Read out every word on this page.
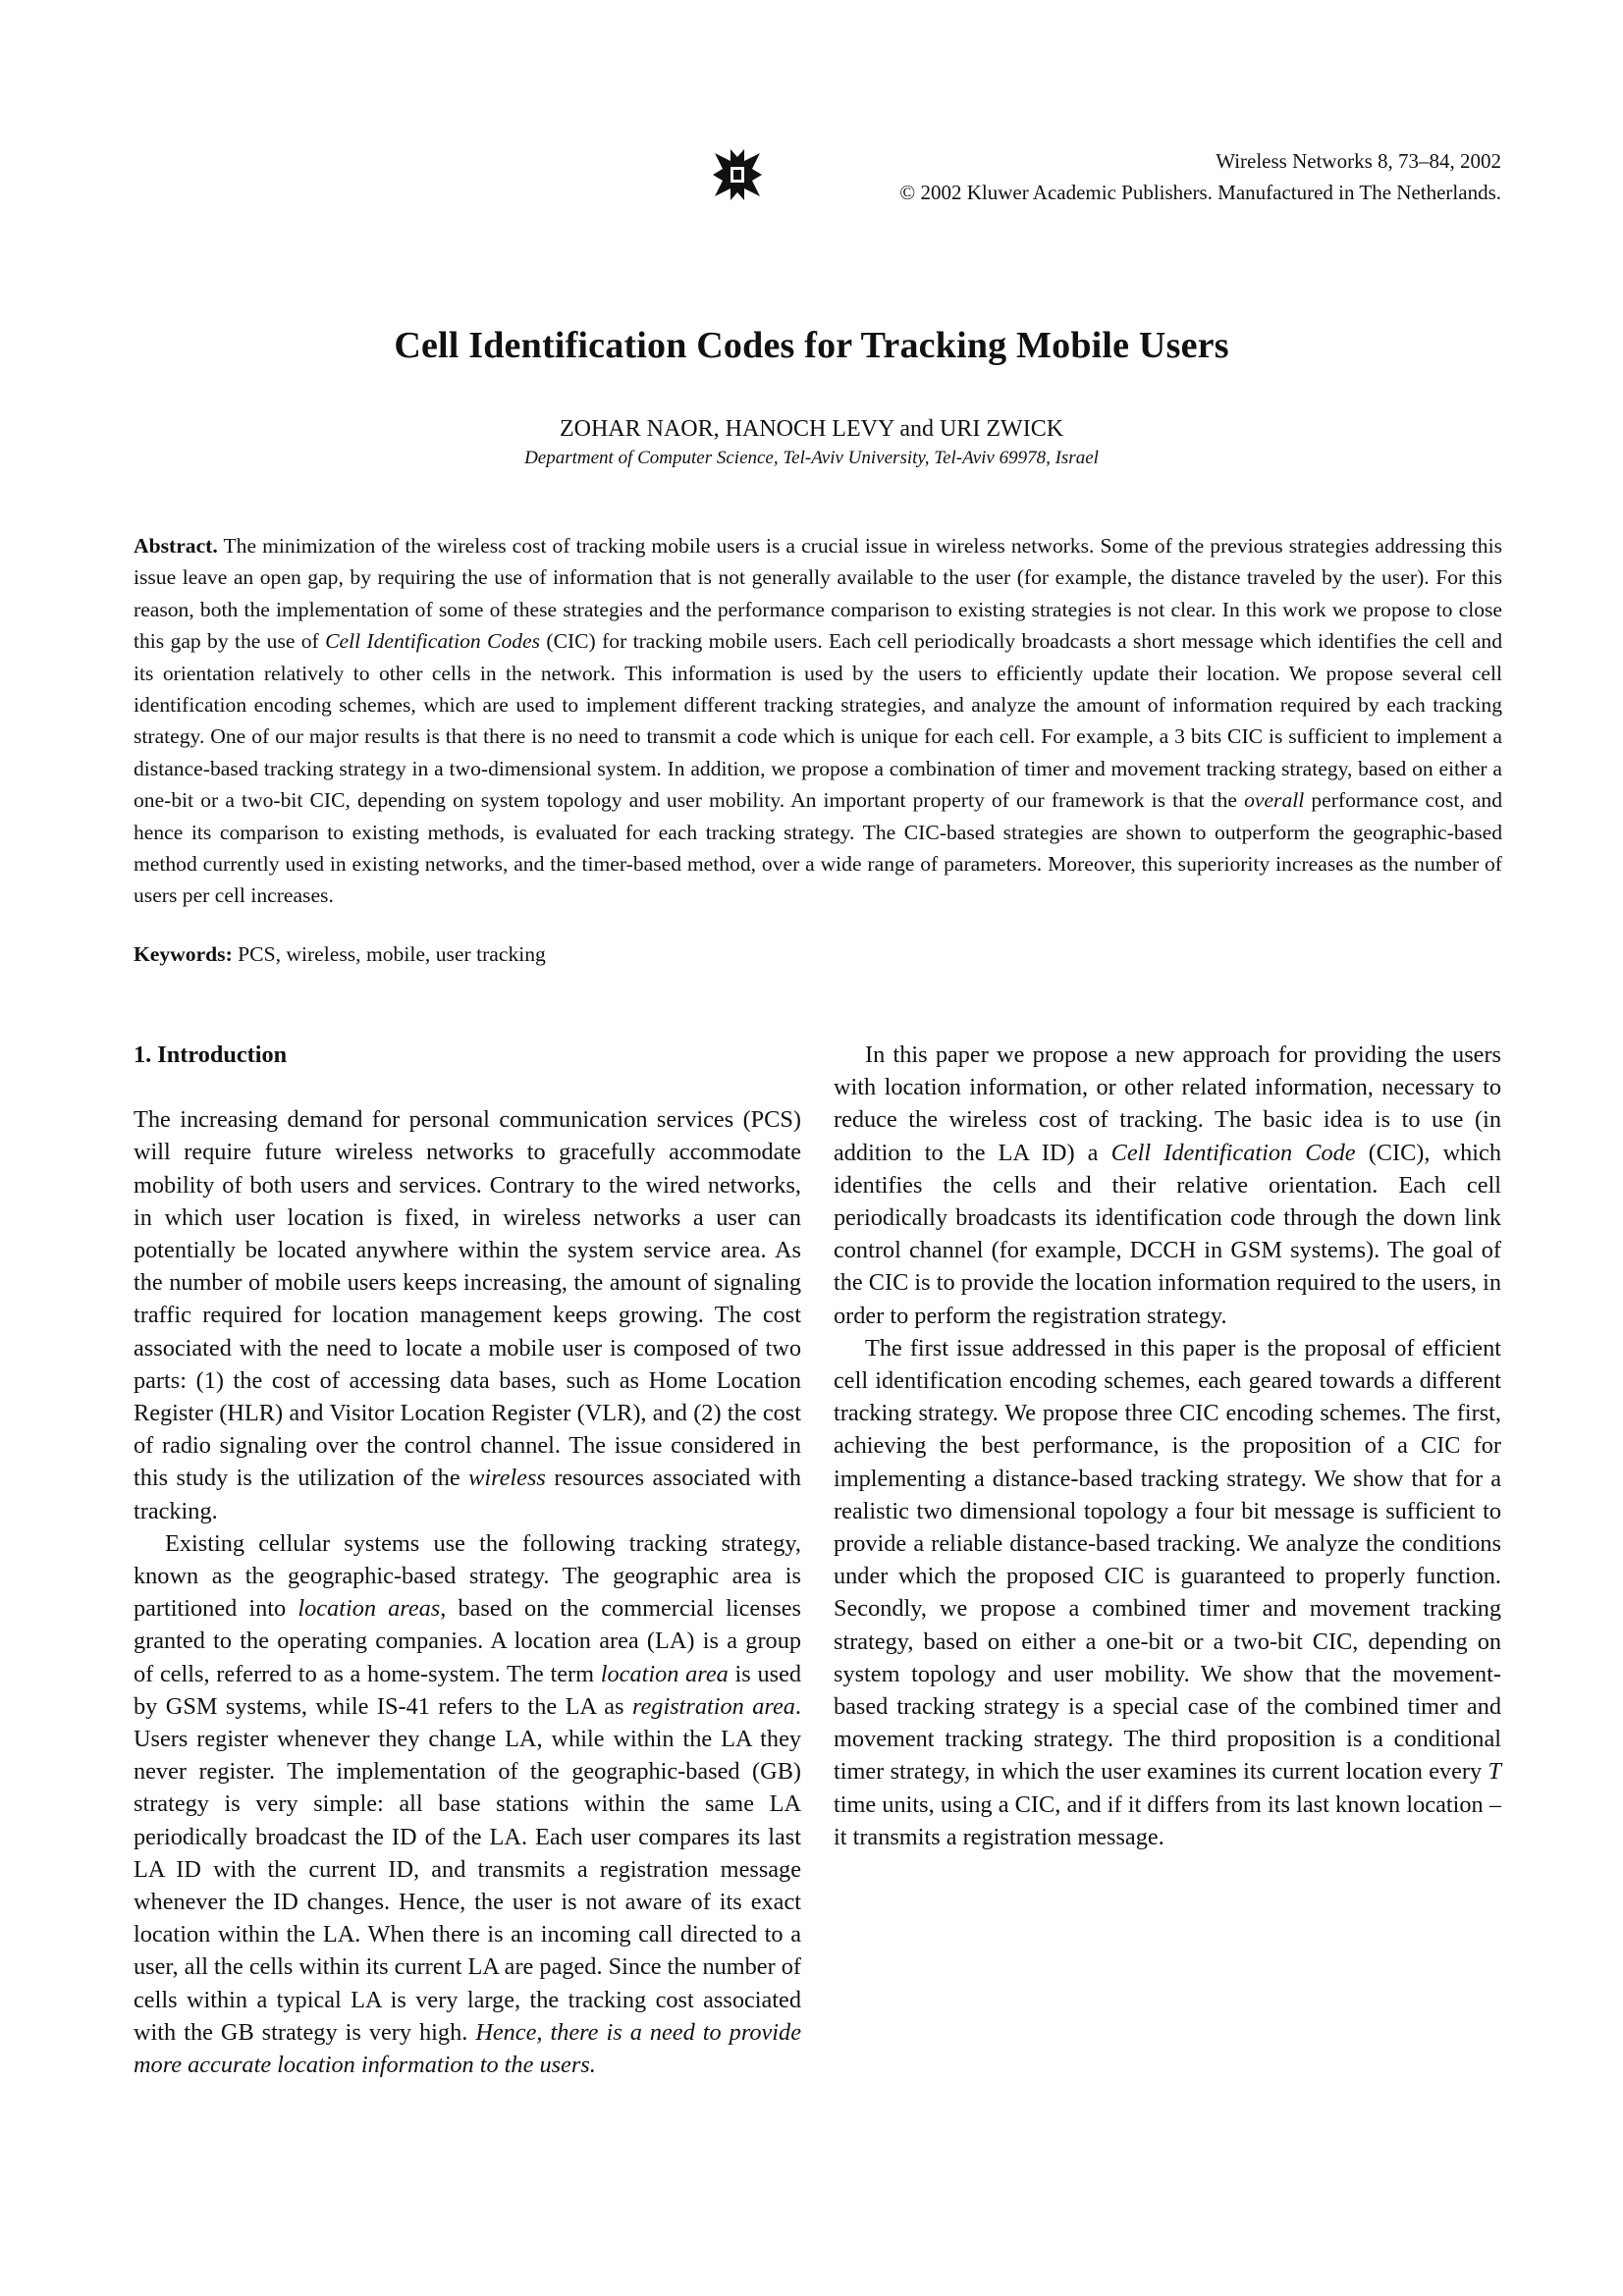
Wireless Networks 8, 73–84, 2002
© 2002 Kluwer Academic Publishers. Manufactured in The Netherlands.
Cell Identification Codes for Tracking Mobile Users
ZOHAR NAOR, HANOCH LEVY and URI ZWICK
Department of Computer Science, Tel-Aviv University, Tel-Aviv 69978, Israel
Abstract. The minimization of the wireless cost of tracking mobile users is a crucial issue in wireless networks. Some of the previous strategies addressing this issue leave an open gap, by requiring the use of information that is not generally available to the user (for example, the distance traveled by the user). For this reason, both the implementation of some of these strategies and the performance comparison to existing strategies is not clear. In this work we propose to close this gap by the use of Cell Identification Codes (CIC) for tracking mobile users. Each cell periodically broadcasts a short message which identifies the cell and its orientation relatively to other cells in the network. This information is used by the users to efficiently update their location. We propose several cell identification encoding schemes, which are used to implement different tracking strategies, and analyze the amount of information required by each tracking strategy. One of our major results is that there is no need to transmit a code which is unique for each cell. For example, a 3 bits CIC is sufficient to implement a distance-based tracking strategy in a two-dimensional system. In addition, we propose a combination of timer and movement tracking strategy, based on either a one-bit or a two-bit CIC, depending on system topology and user mobility. An important property of our framework is that the overall performance cost, and hence its comparison to existing methods, is evaluated for each tracking strategy. The CIC-based strategies are shown to outperform the geographic-based method currently used in existing networks, and the timer-based method, over a wide range of parameters. Moreover, this superiority increases as the number of users per cell increases.
Keywords: PCS, wireless, mobile, user tracking
1. Introduction

The increasing demand for personal communication services (PCS) will require future wireless networks to gracefully accommodate mobility of both users and services. Contrary to the wired networks, in which user location is fixed, in wireless networks a user can potentially be located anywhere within the system service area. As the number of mobile users keeps increasing, the amount of signaling traffic required for location management keeps growing. The cost associated with the need to locate a mobile user is composed of two parts: (1) the cost of accessing data bases, such as Home Location Register (HLR) and Visitor Location Register (VLR), and (2) the cost of radio signaling over the control channel. The issue considered in this study is the utilization of the wireless resources associated with tracking.

Existing cellular systems use the following tracking strategy, known as the geographic-based strategy. The geographic area is partitioned into location areas, based on the commercial licenses granted to the operating companies. A location area (LA) is a group of cells, referred to as a home-system. The term location area is used by GSM systems, while IS-41 refers to the LA as registration area. Users register whenever they change LA, while within the LA they never register. The implementation of the geographic-based (GB) strategy is very simple: all base stations within the same LA periodically broadcast the ID of the LA. Each user compares its last LA ID with the current ID, and transmits a registration message whenever the ID changes. Hence, the user is not aware of its exact location within the LA. When there is an incoming call directed to a user, all the cells within its current LA are paged. Since the number of cells within a typical LA is very large, the tracking cost associated with the GB strategy is very high. Hence, there is a need to provide more accurate location information to the users.

In this paper we propose a new approach for providing the users with location information, or other related information, necessary to reduce the wireless cost of tracking. The basic idea is to use (in addition to the LA ID) a Cell Identification Code (CIC), which identifies the cells and their relative orientation. Each cell periodically broadcasts its identification code through the down link control channel (for example, DCCH in GSM systems). The goal of the CIC is to provide the location information required to the users, in order to perform the registration strategy.

The first issue addressed in this paper is the proposal of efficient cell identification encoding schemes, each geared towards a different tracking strategy. We propose three CIC encoding schemes. The first, achieving the best performance, is the proposition of a CIC for implementing a distance-based tracking strategy. We show that for a realistic two dimensional topology a four bit message is sufficient to provide a reliable distance-based tracking. We analyze the conditions under which the proposed CIC is guaranteed to properly function. Secondly, we propose a combined timer and movement tracking strategy, based on either a one-bit or a two-bit CIC, depending on system topology and user mobility. We show that the movement-based tracking strategy is a special case of the combined timer and movement tracking strategy. The third proposition is a conditional timer strategy, in which the user examines its current location every T time units, using a CIC, and if it differs from its last known location – it transmits a registration message.
